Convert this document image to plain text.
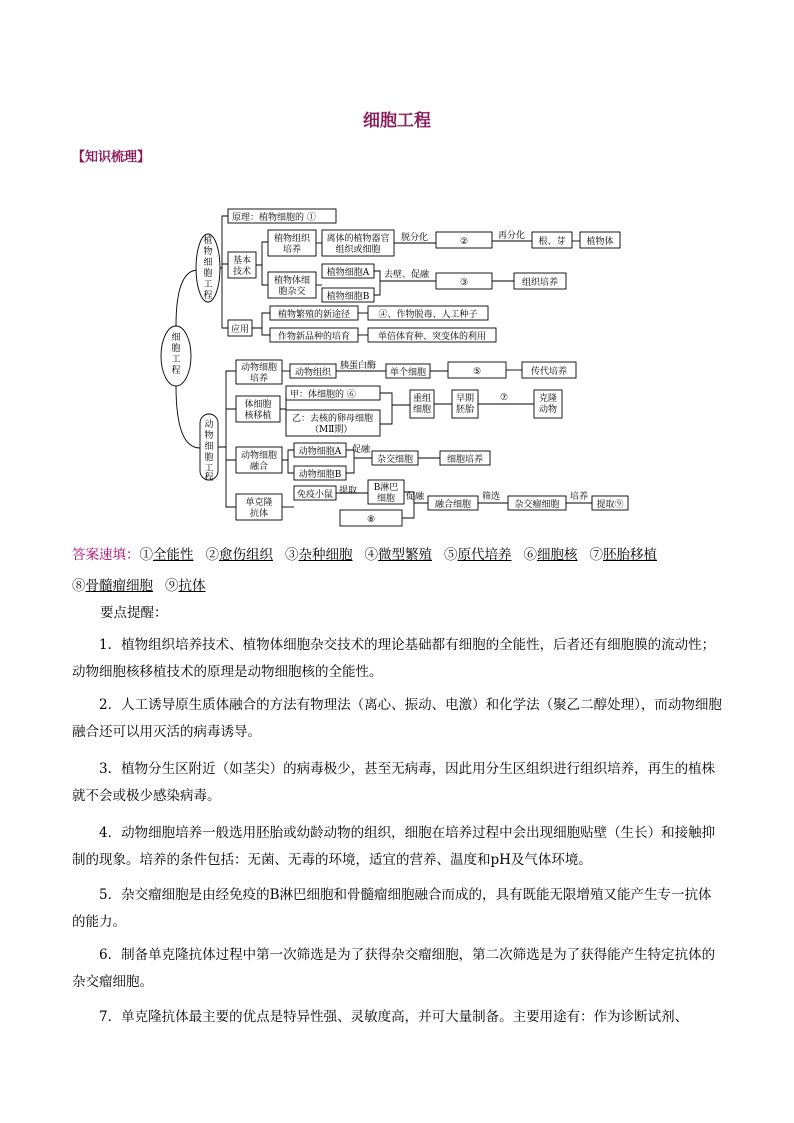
细胞工程
【知识梳理】
细胞工程
植物细胞工程
原理：植物细胞的 ①
基本技术
植物组织培养
离体的植物器官组织或细胞
脱分化	②
再分化
根、芽 植物体
植物体细胞杂交
植物细胞A
植物细胞B
去壁、促融
③	组织培养
应用
植物繁殖的新途径	④、作物脱毒、人工种子
作物新品种的培育	单倍体育种、突变体的利用
动物细胞工程
动物细胞培养
动物组织
胰蛋白酶
单个细胞	⑤	传代培养
体细胞核移植
甲：体细胞的 ⑥
乙：去核的卵母细胞（MⅡ期）
重组细胞
早期胚胎
⑦	克隆动物
动物细胞融合
动物细胞A
动物细胞B
促融
杂交细胞	细胞培养
单克隆抗体
免疫小鼠 提取 B淋巴细胞
⑧
促融
融合细胞
筛选
杂交瘤细胞
培养
提取⑨
答案速填：①全能性 ②愈伤组织 ③杂种细胞 ④微型繁殖 ⑤原代培养 ⑥细胞核 ⑦胚胎移植
⑧骨髓瘤细胞 ⑨抗体
要点提醒：
1．植物组织培养技术、植物体细胞杂交技术的理论基础都有细胞的全能性，后者还有细胞膜的流动性；动物细胞核移植技术的原理是动物细胞核的全能性。
2．人工诱导原生质体融合的方法有物理法（离心、振动、电激）和化学法（聚乙二醇处理），而动物细胞融合还可以用灭活的病毒诱导。
3．植物分生区附近（如茎尖）的病毒极少，甚至无病毒，因此用分生区组织进行组织培养，再生的植株就不会或极少感染病毒。
4．动物细胞培养一般选用胚胎或幼龄动物的组织，细胞在培养过程中会出现细胞贴壁（生长）和接触抑制的现象。培养的条件包括：无菌、无毒的环境，适宜的营养、温度和pH及气体环境。
5．杂交瘤细胞是由经免疫的B淋巴细胞和骨髓瘤细胞融合而成的，具有既能无限增殖又能产生专一抗体的能力。
6．制备单克隆抗体过程中第一次筛选是为了获得杂交瘤细胞，第二次筛选是为了获得能产生特定抗体的杂交瘤细胞。
7．单克隆抗体最主要的优点是特异性强、灵敏度高，并可大量制备。主要用途有：作为诊断试剂、
